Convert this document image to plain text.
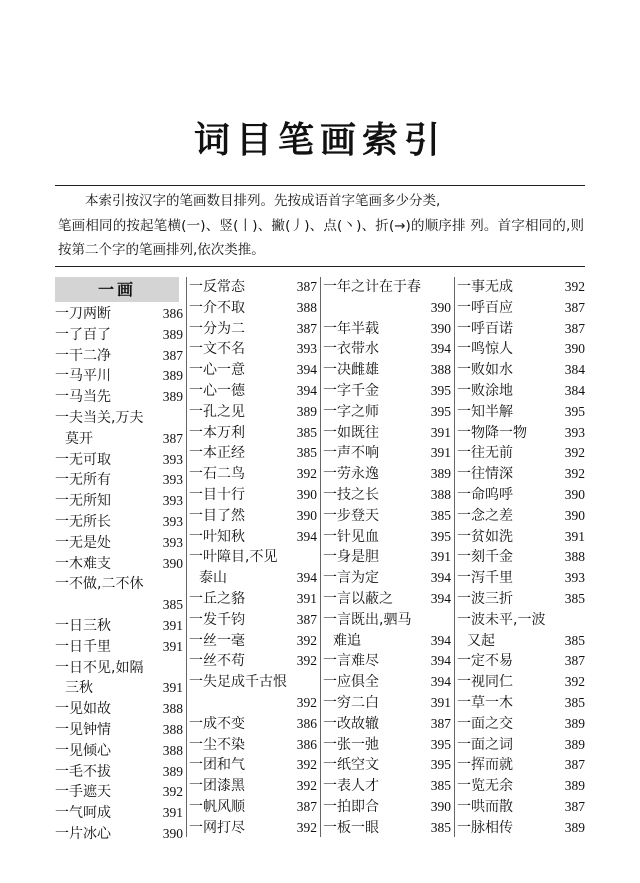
词目笔画索引
本索引按汉字的笔画数目排列。先按成语首字笔画多少分类,
笔画相同的按起笔横(一)、竖(丨)、撇(丿)、点(丶)、折(→)的顺序排 列。首字相同的,则按第二个字的笔画排列,依次类推。
一画
一刀两断	386
一了百了	389
一干二净	387
一马平川	389
一马当先	389
一夫当关,万夫
莫开	387
一无可取	393
一无所有	393
一无所知	393
一无所长	393
一无是处	393
一木难支	390
一不做,二不休
385
一日三秋	391
一日千里	391
一日不见,如隔
三秋	391
一见如故	388
一见钟情	388
一见倾心	388
一毛不拔	389
一手遮天	392
一气呵成	391
一片冰心	390
一反常态	387
一介不取	388
一分为二	387
一文不名	393
一心一意	394
一心一德	394
一孔之见	389
一本万利	385
一本正经	385
一石二鸟	392
一目十行	390
一目了然	390
一叶知秋	394
一叶障目,不见
泰山	394
一丘之貉	391
一发千钧	387
一丝一毫	392
一丝不苟	392
一失足成千古恨
392
一成不变	386
一尘不染	386
一团和气	392
一团漆黑	392
一帆风顺	387
一网打尽	392
一年之计在于春
390
一年半载	390
一衣带水	394
一决雌雄	388
一字千金	395
一字之师	395
一如既往	391
一声不响	391
一劳永逸	389
一技之长	388
一步登天	385
一针见血	395
一身是胆	391
一言为定	394
一言以蔽之	394
一言既出,驷马
难追	394
一言难尽	394
一应俱全	394
一穷二白	391
一改故辙	387
一张一弛	395
一纸空文	395
一表人才	385
一拍即合	390
一板一眼	385
一事无成	392
一呼百应	387
一呼百诺	387
一鸣惊人	390
一败如水	384
一败涂地	384
一知半解	395
一物降一物	393
一往无前	392
一往情深	392
一命呜呼	390
一念之差	390
一贫如洗	391
一刻千金	388
一泻千里	393
一波三折	385
一波未平,一波
又起	385
一定不易	387
一视同仁	392
一草一木	385
一面之交	389
一面之词	389
一挥而就	387
一览无余	389
一哄而散	387
一脉相传	389
